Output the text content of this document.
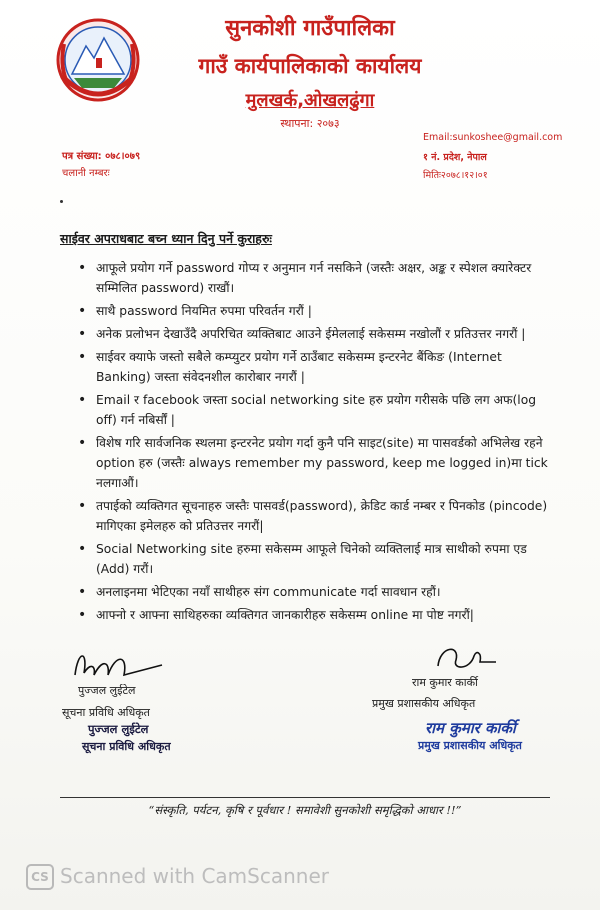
सुनकोशी गाउँपालिका
गाउँ कार्यपालिकाको कार्यालय
मुलखर्क,ओखलढुंगा
स्थापना: २०७३
पत्र संख्या: ०७८।०७९
चलानी नम्बरः
Email:sunkoshee@gmail.com
१ नं. प्रदेश, नेपाल
मितिः२०७८।१२।०१
साईवर अपराधबाट बच्न ध्यान दिनु पर्ने कुराहरुः
• आफूले प्रयोग गर्ने password गोप्य र अनुमान गर्न नसकिने (जस्तैः अक्षर, अङ्क र स्पेशल क्यारेक्टर सम्मिलित password) राखौं।
• साथै password नियमित रुपमा परिवर्तन गरौं |
• अनेक प्रलोभन देखाउँदै अपरिचित व्यक्तिबाट आउने ईमेललाई सकेसम्म नखोलौं र प्रतिउत्तर नगरौं |
• साईवर क्याफे जस्तो सबैले कम्प्युटर प्रयोग गर्ने ठाउँबाट सकेसम्म इन्टरनेट बैंकिङ (Internet Banking) जस्ता संवेदनशील कारोबार नगरौं |
• Email र facebook जस्ता social networking site हरु प्रयोग गरीसके पछि लग अफ(log off) गर्न नबिर्सौं |
• विशेष गरि सार्वजनिक स्थलमा इन्टरनेट प्रयोग गर्दा कुनै पनि साइट(site) मा पासवर्डको अभिलेख रहने option हरु (जस्तैः always remember my password, keep me logged in)मा tick नलगाऔं।
• तपाईको व्यक्तिगत सूचनाहरु जस्तैः पासवर्ड(password), क्रेडिट कार्ड नम्बर र पिनकोड (pincode) मागिएका इमेलहरु को प्रतिउत्तर नगरौं|
• Social Networking site हरुमा सकेसम्म आफूले चिनेको व्यक्तिलाई मात्र साथीको रुपमा एड (Add) गरौं।
• अनलाइनमा भेटिएका नयाँ साथीहरु संग communicate गर्दा सावधान रहौं।
• आफ्नो र आफ्ना साथिहरुका व्यक्तिगत जानकारीहरु सकेसम्म online मा पोष्ट नगरौं|
पुज्जल लुईटेल
सूचना प्रविधि अधिकृत
पुज्जल लुईटेल
सूचना प्रविधि अधिकृत
राम कुमार कार्की
प्रमुख प्रशासकीय अधिकृत
राम कुमार कार्की
प्रमुख प्रशासकीय अधिकृत
“संस्कृति, पर्यटन, कृषि र पूर्वधार ! समावेशी सुनकोशी समृद्धिको आधार !!”
CS Scanned with CamScanner
